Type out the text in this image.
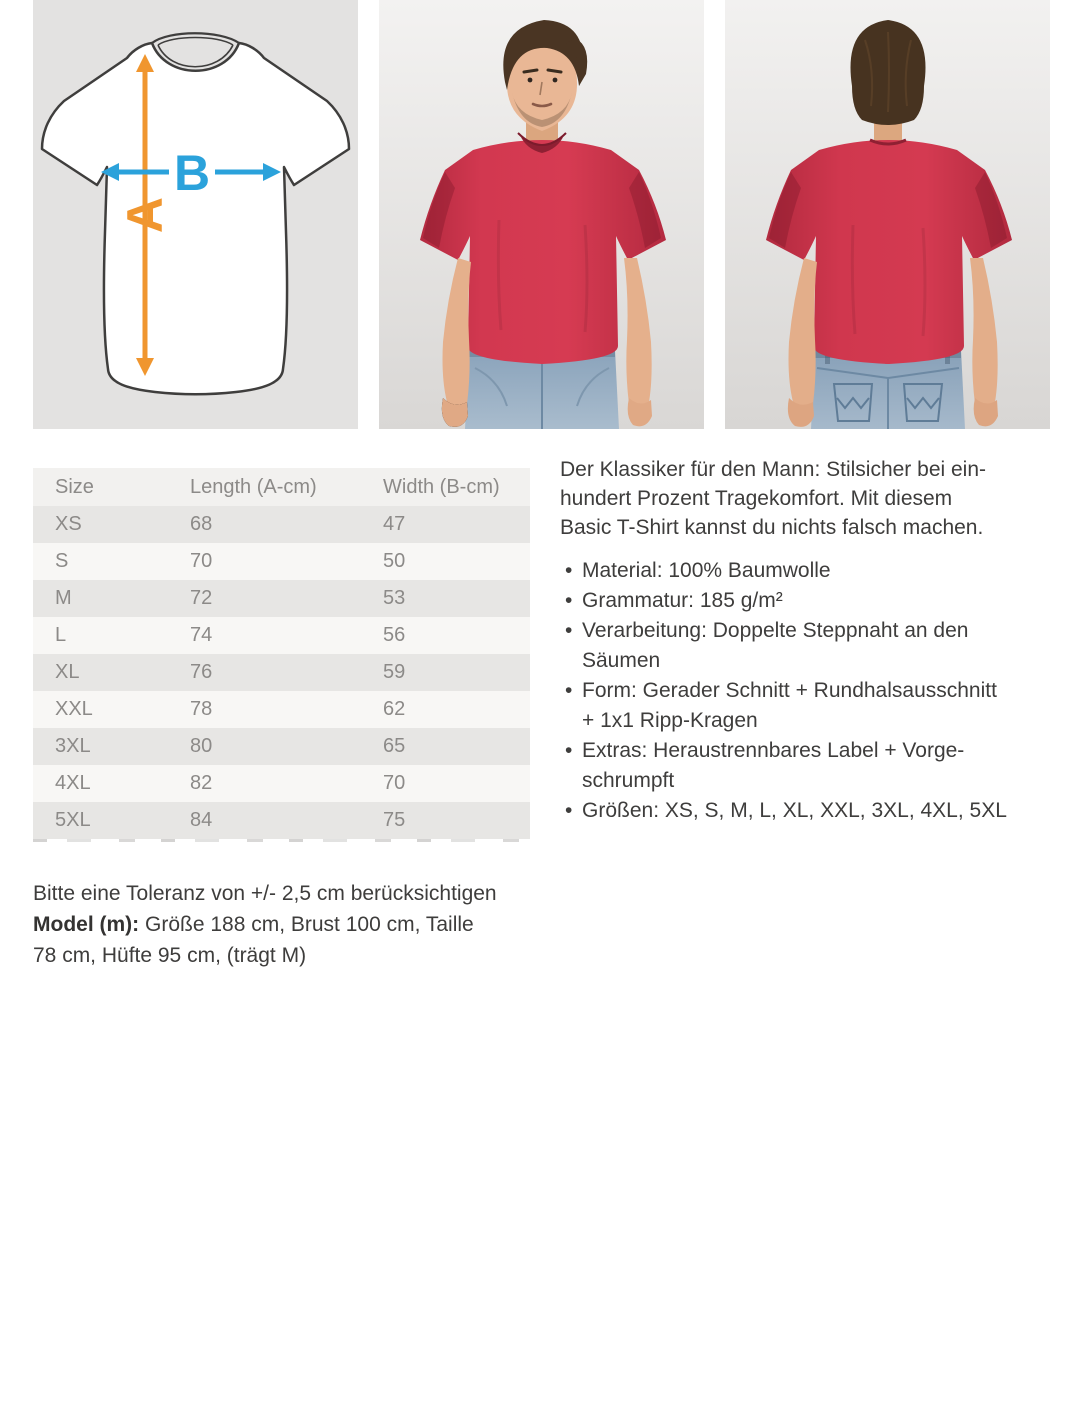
A
B
Size	Length (A-cm)	Width (B-cm)
XS	68	47
S	70	50
M	72	53
L	74	56
XL	76	59
XXL	78	62
3XL	80	65
4XL	82	70
5XL	84	75
Bitte eine Toleranz von +/- 2,5 cm berücksichtigen
Model (m): Größe 188 cm, Brust 100 cm, Taille
78 cm, Hüfte 95 cm, (trägt M)
Der Klassiker für den Mann: Stilsicher bei ein-
hundert Prozent Tragekomfort. Mit diesem
Basic T-Shirt kannst du nichts falsch machen.
• Material: 100% Baumwolle
• Grammatur: 185 g/m²
• Verarbeitung: Doppelte Steppnaht an den
Säumen
• Form: Gerader Schnitt + Rundhalsausschnitt
+ 1x1 Ripp-Kragen
• Extras: Heraustrennbares Label + Vorge-
schrumpft
• Größen: XS, S, M, L, XL, XXL, 3XL, 4XL, 5XL
